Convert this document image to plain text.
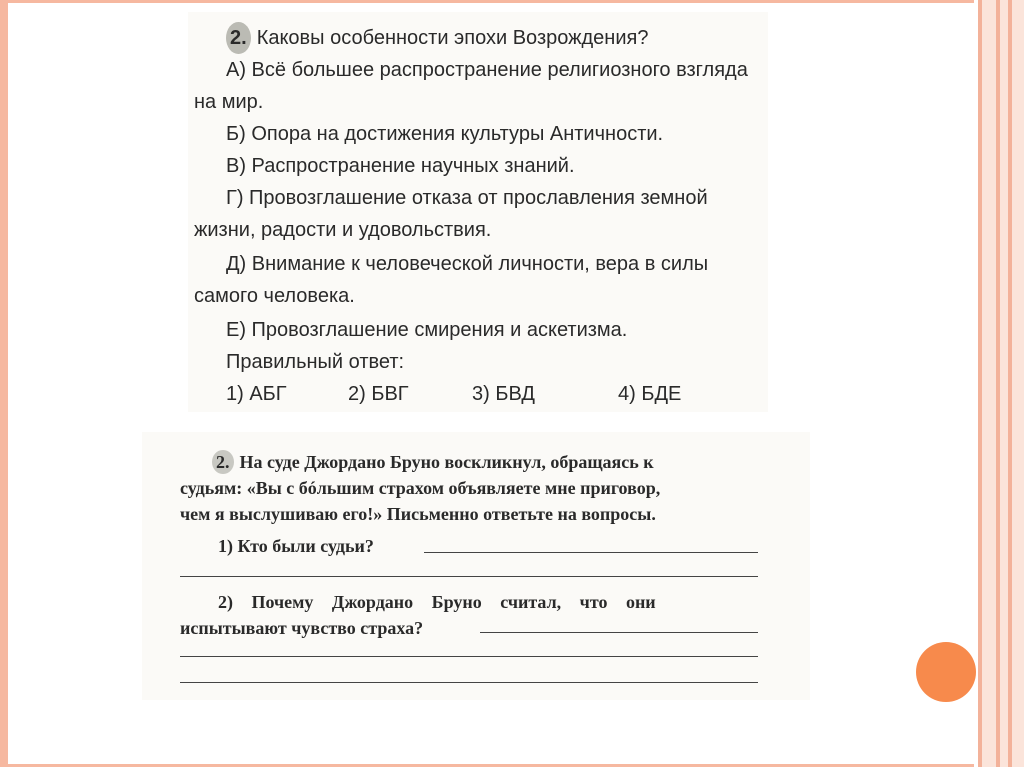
2. Каковы особенности эпохи Возрождения?
А) Всё большее распространение религиозного взгляда
на мир.
Б) Опора на достижения культуры Античности.
В) Распространение научных знаний.
Г) Провозглашение отказа от прославления земной
жизни, радости и удовольствия.
Д) Внимание к человеческой личности, вера в силы
самого человека.
Е) Провозглашение смирения и аскетизма.
Правильный ответ:
1) АБГ	2) БВГ	3) БВД	4) БДЕ
2. На суде Джордано Бруно воскликнул, обращаясь к
судьям: «Вы с бóльшим страхом объявляете мне приговор,
чем я выслушиваю его!» Письменно ответьте на вопросы.
1) Кто были судьи?
2) Почему Джордано Бруно считал, что они
испытывают чувство страха?
